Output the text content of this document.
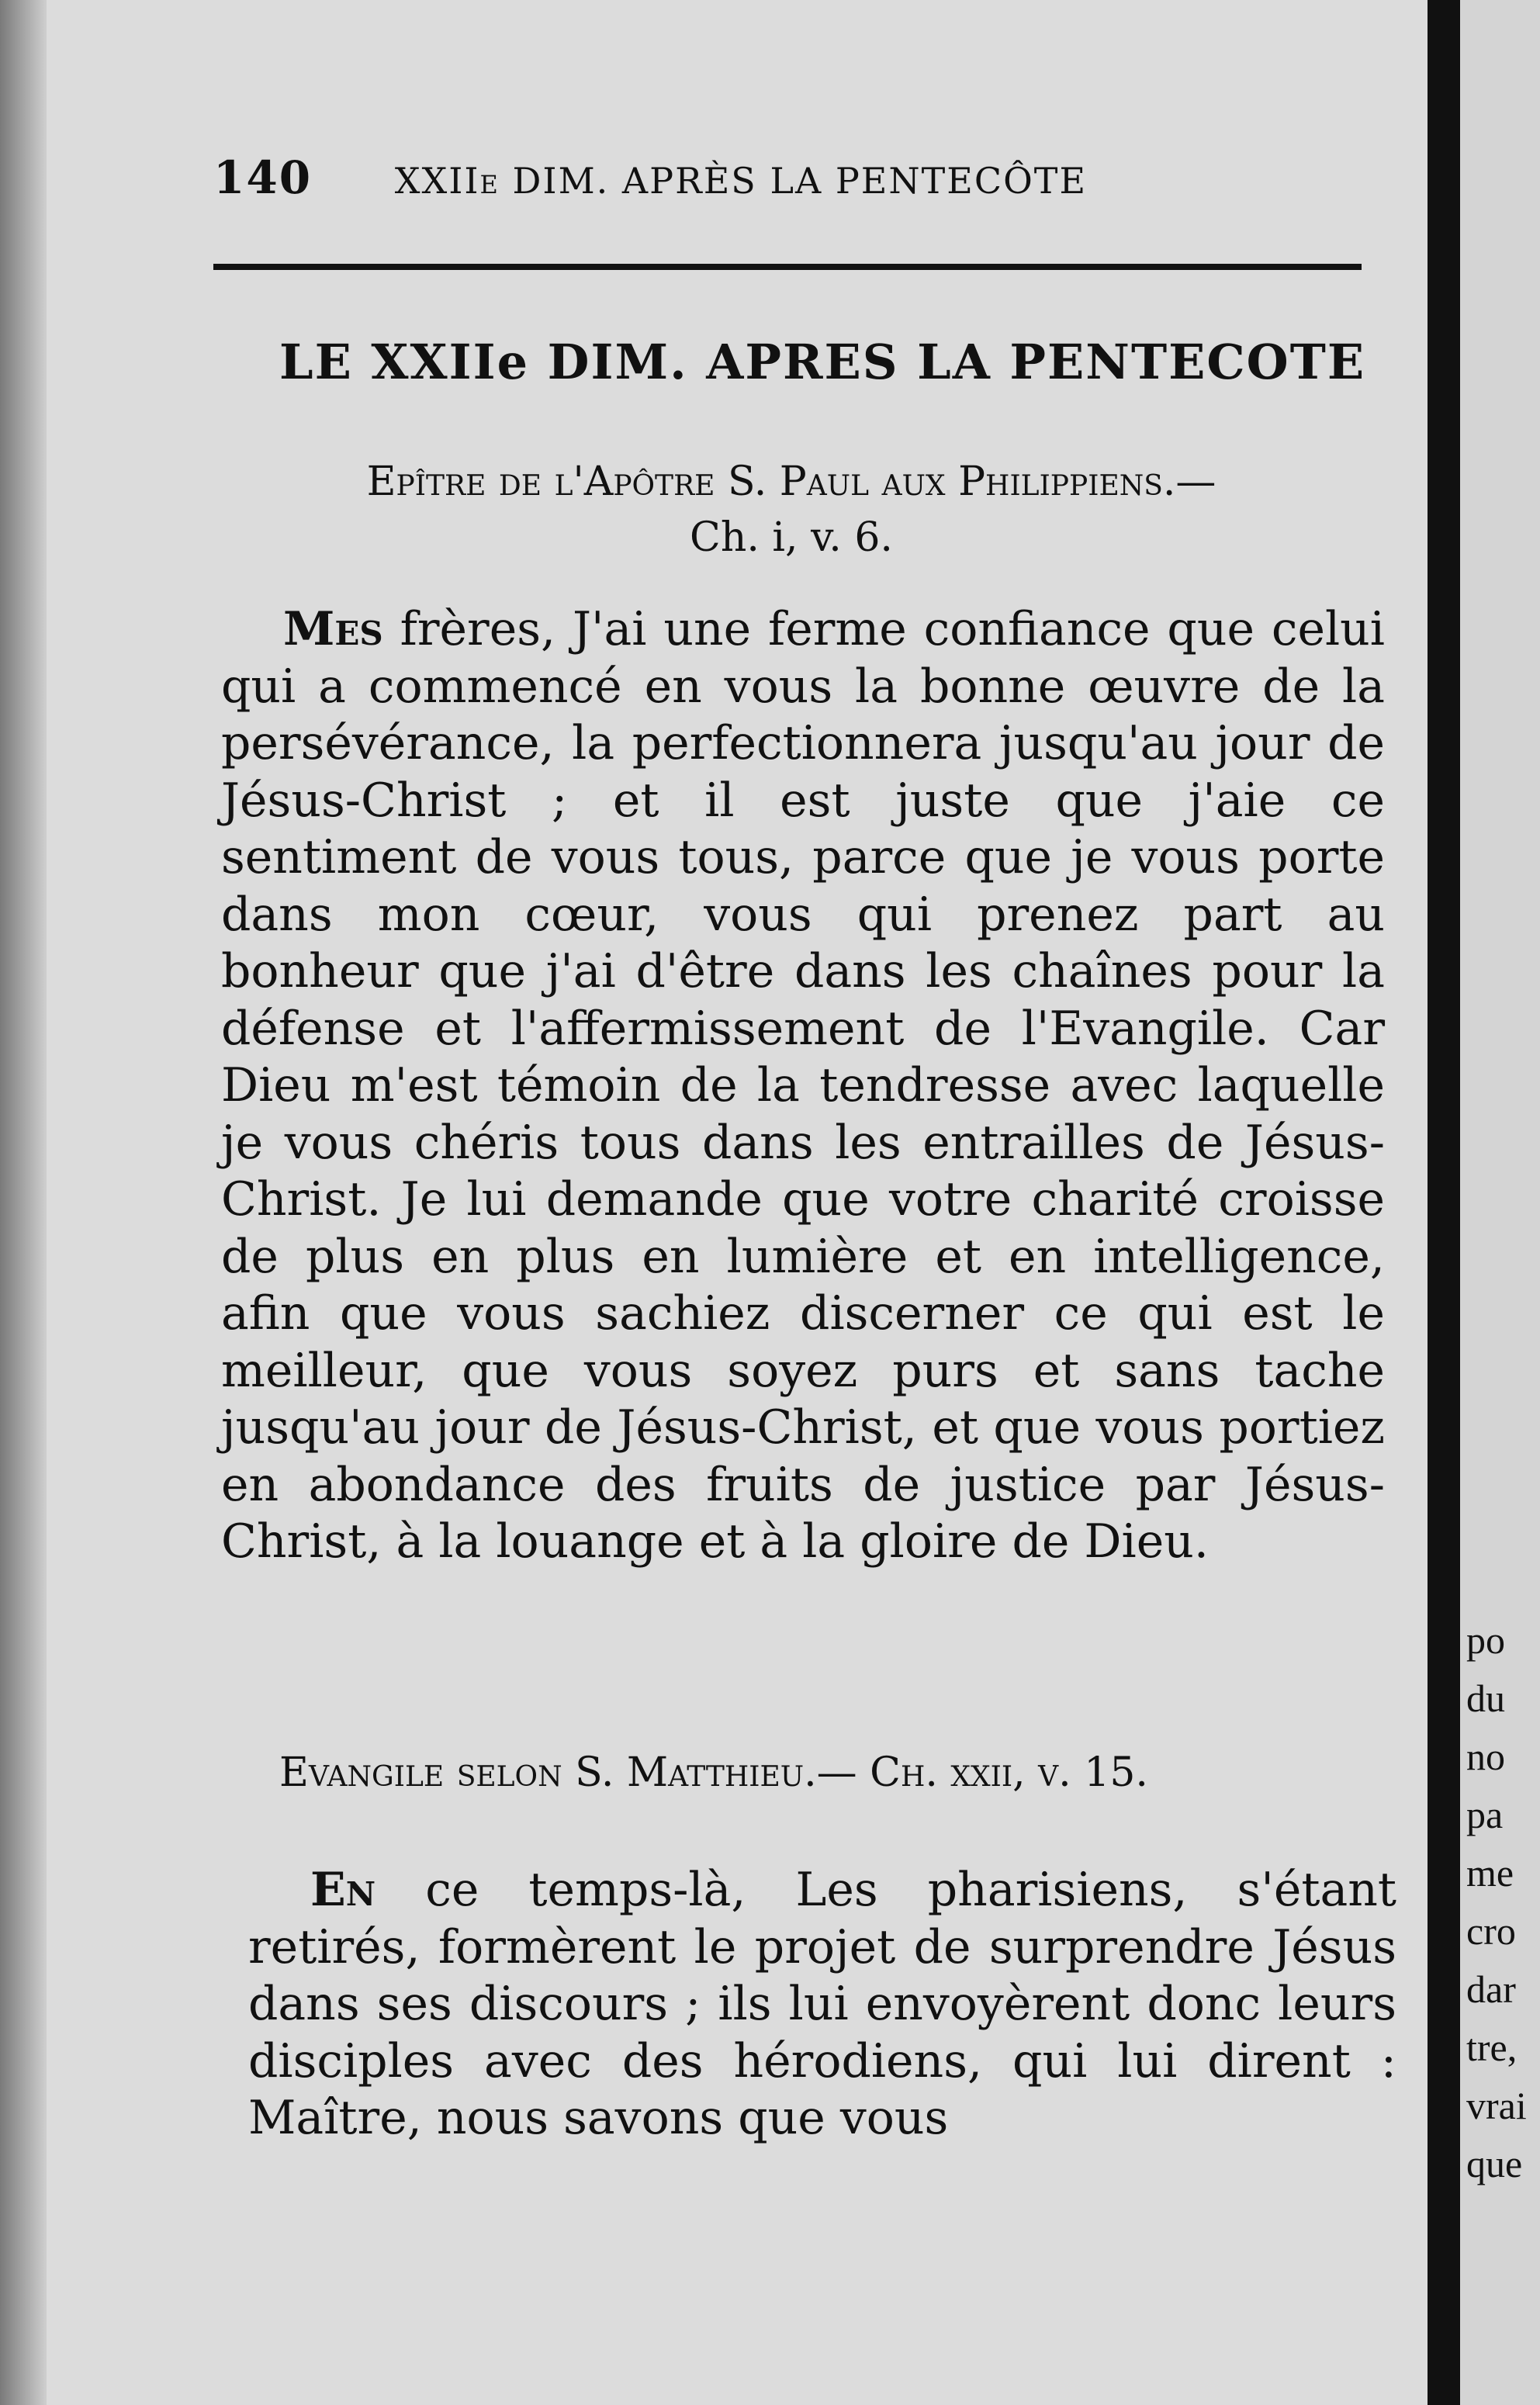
140 XXIIe DIM. APRÈS LA PENTECÔTE
LE XXIIe DIM. APRES LA PENTECOTE
Epître de l'Apôtre S. Paul aux Philippiens.—
Ch. i, v. 6.

Mes frères, J'ai une ferme confiance que celui qui a commencé en vous la bonne œuvre de la persévérance, la perfectionnera jusqu'au jour de Jésus-Christ ; et il est juste que j'aie ce sentiment de vous tous, parce que je vous porte dans mon cœur, vous qui prenez part au bonheur que j'ai d'être dans les chaînes pour la défense et l'affermissement de l'Evangile. Car Dieu m'est témoin de la tendresse avec laquelle je vous chéris tous dans les entrailles de Jésus-Christ. Je lui demande que votre charité croisse de plus en plus en lumière et en intelligence, afin que vous sachiez discerner ce qui est le meilleur, que vous soyez purs et sans tache jusqu'au jour de Jésus-Christ, et que vous portiez en abondance des fruits de justice par Jésus-Christ, à la louange et à la gloire de Dieu.

Evangile selon S. Matthieu.— Ch. xxii, v. 15.

En ce temps-là, Les pharisiens, s'étant retirés, formèrent le projet de surprendre Jésus dans ses discours ; ils lui envoyèrent donc leurs disciples avec des hérodiens, qui lui dirent : Maître, nous savons que vous

po
du
no
pa
me
cro
dar
tre,
vrai
que
